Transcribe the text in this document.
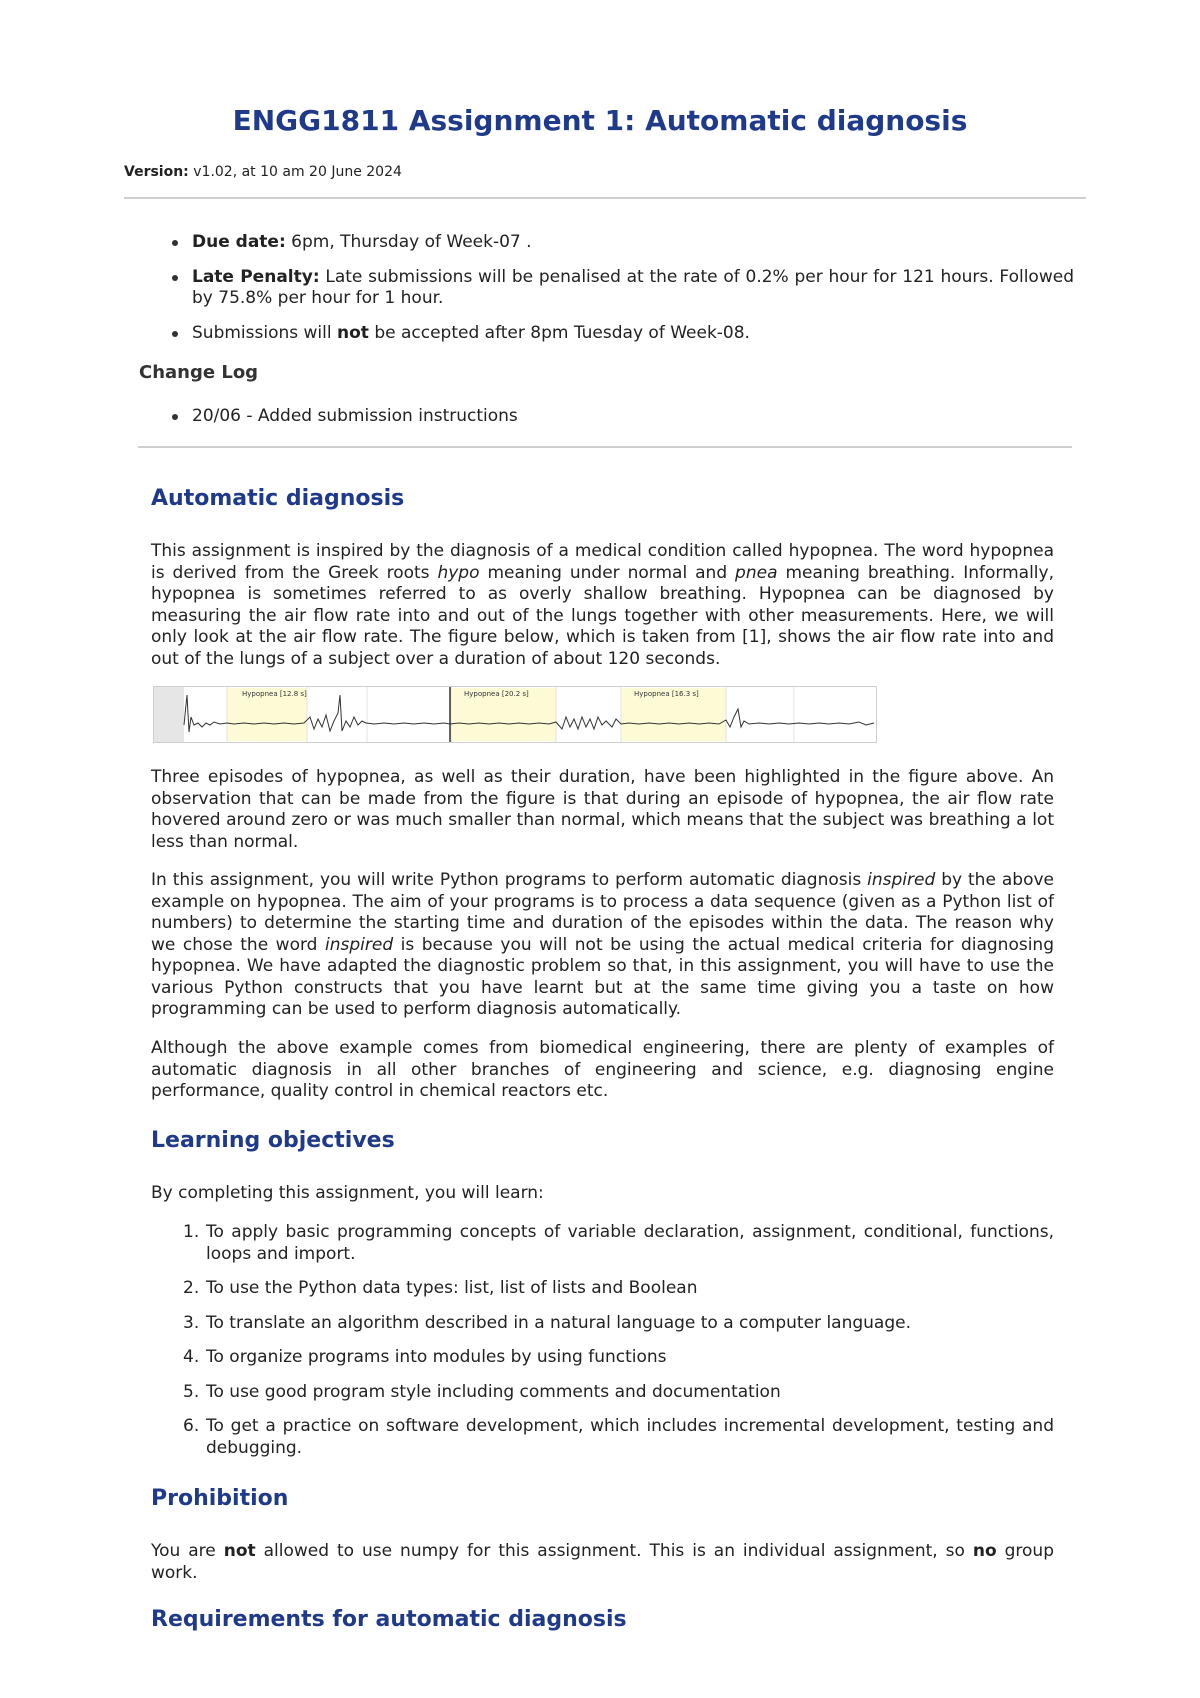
ENGG1811 Assignment 1: Automatic diagnosis
Version: v1.02, at 10 am 20 June 2024
Due date: 6pm, Thursday of Week-07 .
Late Penalty: Late submissions will be penalised at the rate of 0.2% per hour for 121 hours. Followed by 75.8% per hour for 1 hour.
Submissions will not be accepted after 8pm Tuesday of Week-08.
Change Log
20/06 - Added submission instructions
Automatic diagnosis

This assignment is inspired by the diagnosis of a medical condition called hypopnea. The word hypopnea is derived from the Greek roots hypo meaning under normal and pnea meaning breathing. Informally, hypopnea is sometimes referred to as overly shallow breathing. Hypopnea can be diagnosed by measuring the air flow rate into and out of the lungs together with other measurements. Here, we will only look at the air flow rate. The figure below, which is taken from [1], shows the air flow rate into and out of the lungs of a subject over a duration of about 120 seconds.

Hypopnea [12.8 s]	Hypopnea [20.2 s]	Hypopnea [16.3 s]

Three episodes of hypopnea, as well as their duration, have been highlighted in the figure above. An observation that can be made from the figure is that during an episode of hypopnea, the air flow rate hovered around zero or was much smaller than normal, which means that the subject was breathing a lot less than normal.

In this assignment, you will write Python programs to perform automatic diagnosis inspired by the above example on hypopnea. The aim of your programs is to process a data sequence (given as a Python list of numbers) to determine the starting time and duration of the episodes within the data. The reason why we chose the word inspired is because you will not be using the actual medical criteria for diagnosing hypopnea. We have adapted the diagnostic problem so that, in this assignment, you will have to use the various Python constructs that you have learnt but at the same time giving you a taste on how programming can be used to perform diagnosis automatically.

Although the above example comes from biomedical engineering, there are plenty of examples of automatic diagnosis in all other branches of engineering and science, e.g. diagnosing engine performance, quality control in chemical reactors etc.

Learning objectives

By completing this assignment, you will learn:

1. To apply basic programming concepts of variable declaration, assignment, conditional, functions, loops and import.
2. To use the Python data types: list, list of lists and Boolean
3. To translate an algorithm described in a natural language to a computer language.
4. To organize programs into modules by using functions
5. To use good program style including comments and documentation
6. To get a practice on software development, which includes incremental development, testing and debugging.
Prohibition

You are not allowed to use numpy for this assignment. This is an individual assignment, so no group work.

Requirements for automatic diagnosis
